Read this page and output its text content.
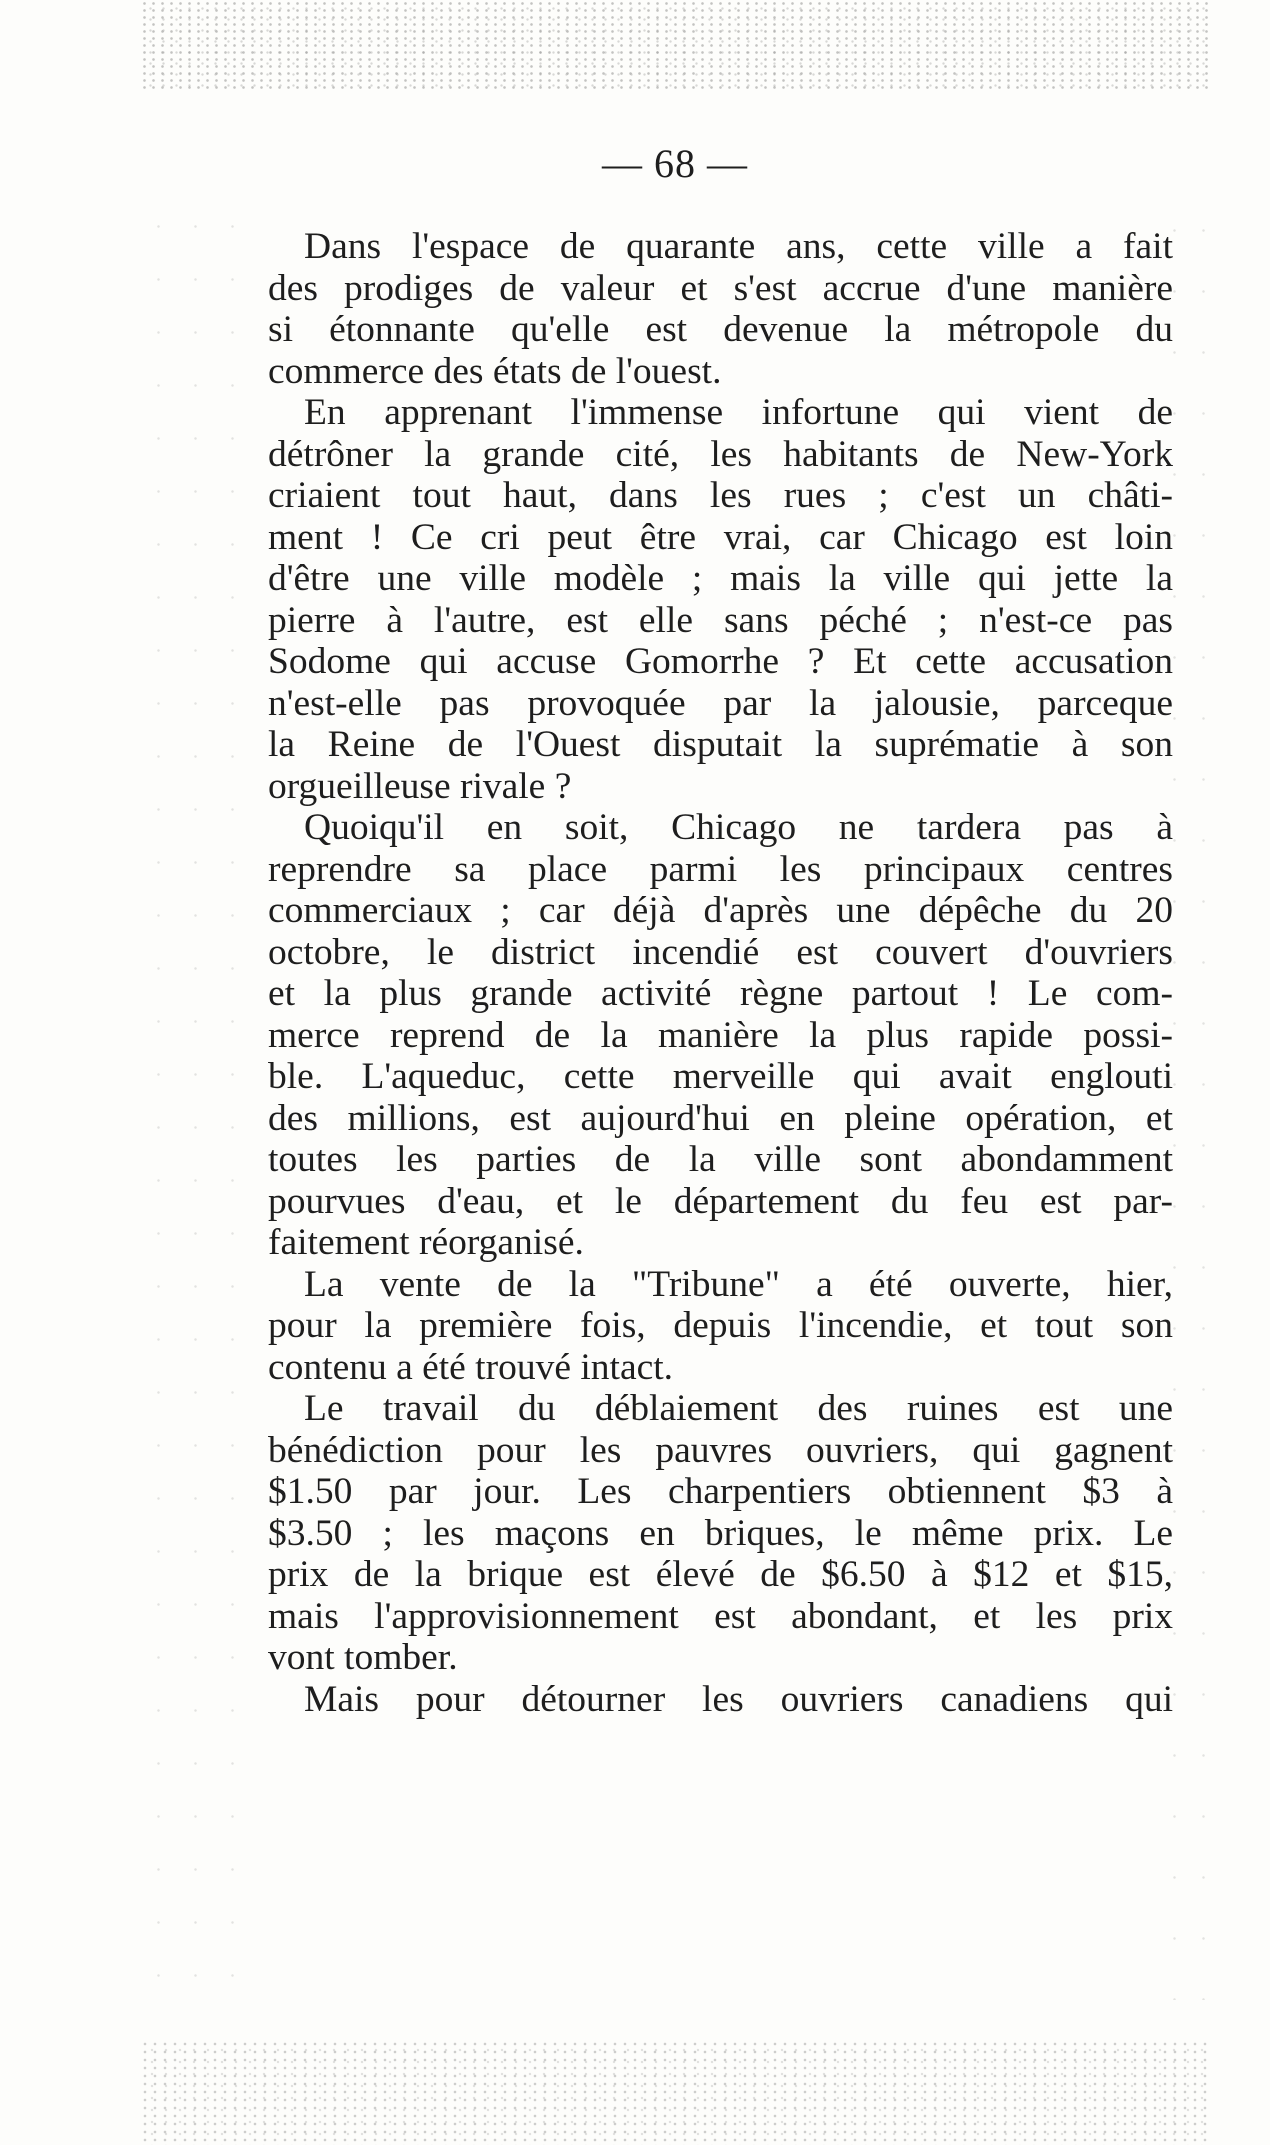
— 68 —
Dans l'espace de quarante ans, cette ville a fait
des prodiges de valeur et s'est accrue d'une manière
si étonnante qu'elle est devenue la métropole du
commerce des états de l'ouest.
En apprenant l'immense infortune qui vient de
détrôner la grande cité, les habitants de New-York
criaient tout haut, dans les rues ; c'est un châti-
ment ! Ce cri peut être vrai, car Chicago est loin
d'être une ville modèle ; mais la ville qui jette la
pierre à l'autre, est elle sans péché ; n'est-ce pas
Sodome qui accuse Gomorrhe ? Et cette accusation
n'est-elle pas provoquée par la jalousie, parceque
la Reine de l'Ouest disputait la suprématie à son
orgueilleuse rivale ?
Quoiqu'il en soit, Chicago ne tardera pas à
reprendre sa place parmi les principaux centres
commerciaux ; car déjà d'après une dépêche du 20
octobre, le district incendié est couvert d'ouvriers
et la plus grande activité règne partout ! Le com-
merce reprend de la manière la plus rapide possi-
ble. L'aqueduc, cette merveille qui avait englouti
des millions, est aujourd'hui en pleine opération, et
toutes les parties de la ville sont abondamment
pourvues d'eau, et le département du feu est par-
faitement réorganisé.
La vente de la "Tribune" a été ouverte, hier,
pour la première fois, depuis l'incendie, et tout son
contenu a été trouvé intact.
Le travail du déblaiement des ruines est une
bénédiction pour les pauvres ouvriers, qui gagnent
$1.50 par jour. Les charpentiers obtiennent $3 à
$3.50 ; les maçons en briques, le même prix. Le
prix de la brique est élevé de $6.50 à $12 et $15,
mais l'approvisionnement est abondant, et les prix
vont tomber.
Mais pour détourner les ouvriers canadiens qui
